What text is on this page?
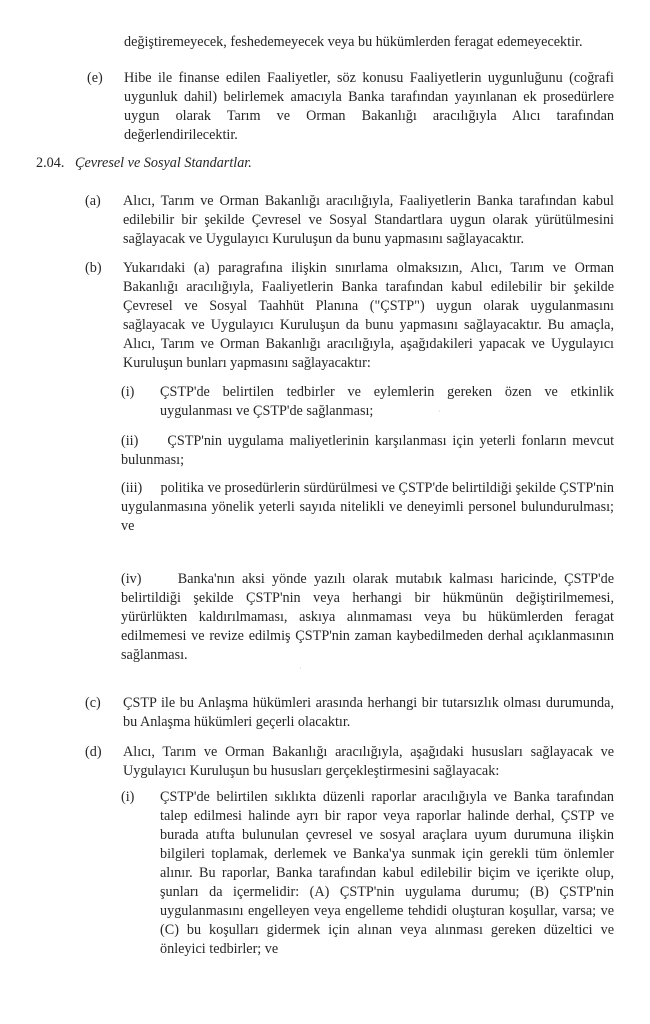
değiştiremeyecek, feshedemeyecek veya bu hükümlerden feragat edemeyecektir.
(e) Hibe ile finanse edilen Faaliyetler, söz konusu Faaliyetlerin uygunluğunu (coğrafi uygunluk dahil) belirlemek amacıyla Banka tarafından yayınlanan ek prosedürlere uygun olarak Tarım ve Orman Bakanlığı aracılığıyla Alıcı tarafından değerlendirilecektir.
2.04. Çevresel ve Sosyal Standartlar.
(a) Alıcı, Tarım ve Orman Bakanlığı aracılığıyla, Faaliyetlerin Banka tarafından kabul edilebilir bir şekilde Çevresel ve Sosyal Standartlara uygun olarak yürütülmesini sağlayacak ve Uygulayıcı Kuruluşun da bunu yapmasını sağlayacaktır.
(b) Yukarıdaki (a) paragrafına ilişkin sınırlama olmaksızın, Alıcı, Tarım ve Orman Bakanlığı aracılığıyla, Faaliyetlerin Banka tarafından kabul edilebilir bir şekilde Çevresel ve Sosyal Taahhüt Planına ("ÇSTP") uygun olarak uygulanmasını sağlayacak ve Uygulayıcı Kuruluşun da bunu yapmasını sağlayacaktır. Bu amaçla, Alıcı, Tarım ve Orman Bakanlığı aracılığıyla, aşağıdakileri yapacak ve Uygulayıcı Kuruluşun bunları yapmasını sağlayacaktır:
(i) ÇSTP'de belirtilen tedbirler ve eylemlerin gereken özen ve etkinlik uygulanması ve ÇSTP'de sağlanması;
(ii) ÇSTP'nin uygulama maliyetlerinin karşılanması için yeterli fonların mevcut bulunması;
(iii) politika ve prosedürlerin sürdürülmesi ve ÇSTP'de belirtildiği şekilde ÇSTP'nin uygulanmasına yönelik yeterli sayıda nitelikli ve deneyimli personel bulundurulması; ve
(iv)	Banka'nın aksi yönde yazılı olarak mutabık kalması haricinde, ÇSTP'de belirtildiği şekilde ÇSTP'nin veya herhangi bir hükmünün değiştirilmemesi, yürürlükten kaldırılmaması, askıya alınmaması veya bu hükümlerden feragat edilmemesi ve revize edilmiş ÇSTP'nin zaman kaybedilmeden derhal açıklanmasının sağlanması.
(c) ÇSTP ile bu Anlaşma hükümleri arasında herhangi bir tutarsızlık olması durumunda, bu Anlaşma hükümleri geçerli olacaktır.
(d) Alıcı, Tarım ve Orman Bakanlığı aracılığıyla, aşağıdaki hususları sağlayacak ve Uygulayıcı Kuruluşun bu hususları gerçekleştirmesini sağlayacak:
(i) ÇSTP'de belirtilen sıklıkta düzenli raporlar aracılığıyla ve Banka tarafından talep edilmesi halinde ayrı bir rapor veya raporlar halinde derhal, ÇSTP ve burada atıfta bulunulan çevresel ve sosyal araçlara uyum durumuna ilişkin bilgileri toplamak, derlemek ve Banka'ya sunmak için gerekli tüm önlemler alınır. Bu raporlar, Banka tarafından kabul edilebilir biçim ve içerikte olup, şunları da içermelidir: (A) ÇSTP'nin uygulama durumu; (B) ÇSTP'nin uygulanmasını engelleyen veya engelleme tehdidi oluşturan koşullar, varsa; ve (C) bu koşulları gidermek için alınan veya alınması gereken düzeltici ve önleyici tedbirler; ve
·
·
